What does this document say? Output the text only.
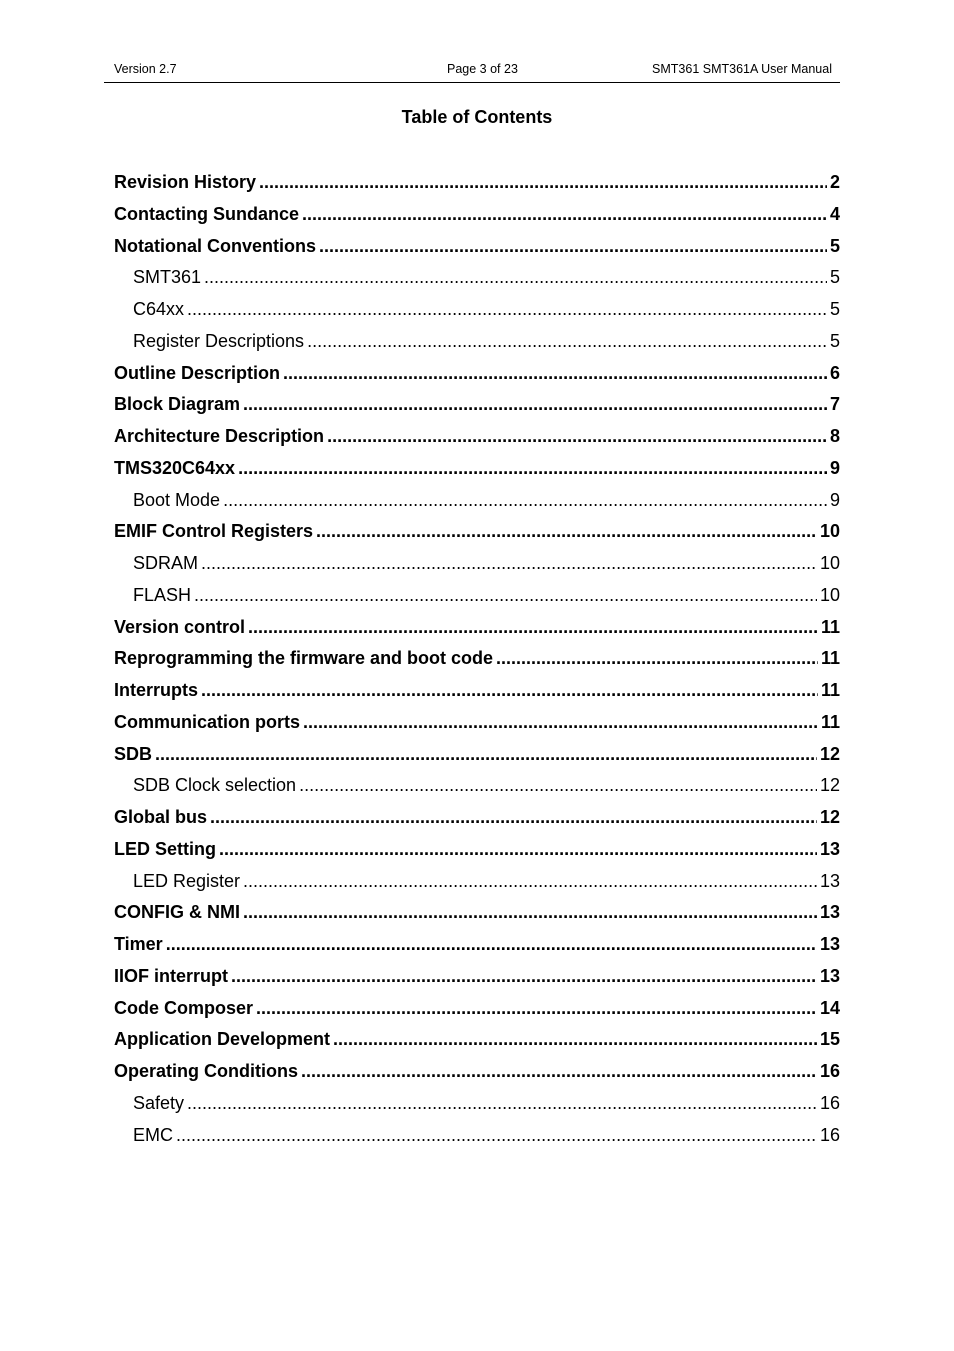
Version 2.7	Page 3 of 23	SMT361 SMT361A User Manual
Table of Contents
Revision History .....	2
Contacting Sundance .....	4
Notational Conventions .....	5
SMT361 .....	5
C64xx .....	5
Register Descriptions .....	5
Outline Description .....	6
Block Diagram .....	7
Architecture Description .....	8
TMS320C64xx .....	9
Boot Mode .....	9
EMIF Control Registers .....	10
SDRAM .....	10
FLASH .....	10
Version control .....	11
Reprogramming the firmware and boot code .....	11
Interrupts .....	11
Communication ports .....	11
SDB .....	12
SDB Clock selection .....	12
Global bus .....	12
LED Setting .....	13
LED Register .....	13
CONFIG & NMI .....	13
Timer .....	13
IIOF interrupt .....	13
Code Composer .....	14
Application Development .....	15
Operating Conditions .....	16
Safety .....	16
EMC .....	16
